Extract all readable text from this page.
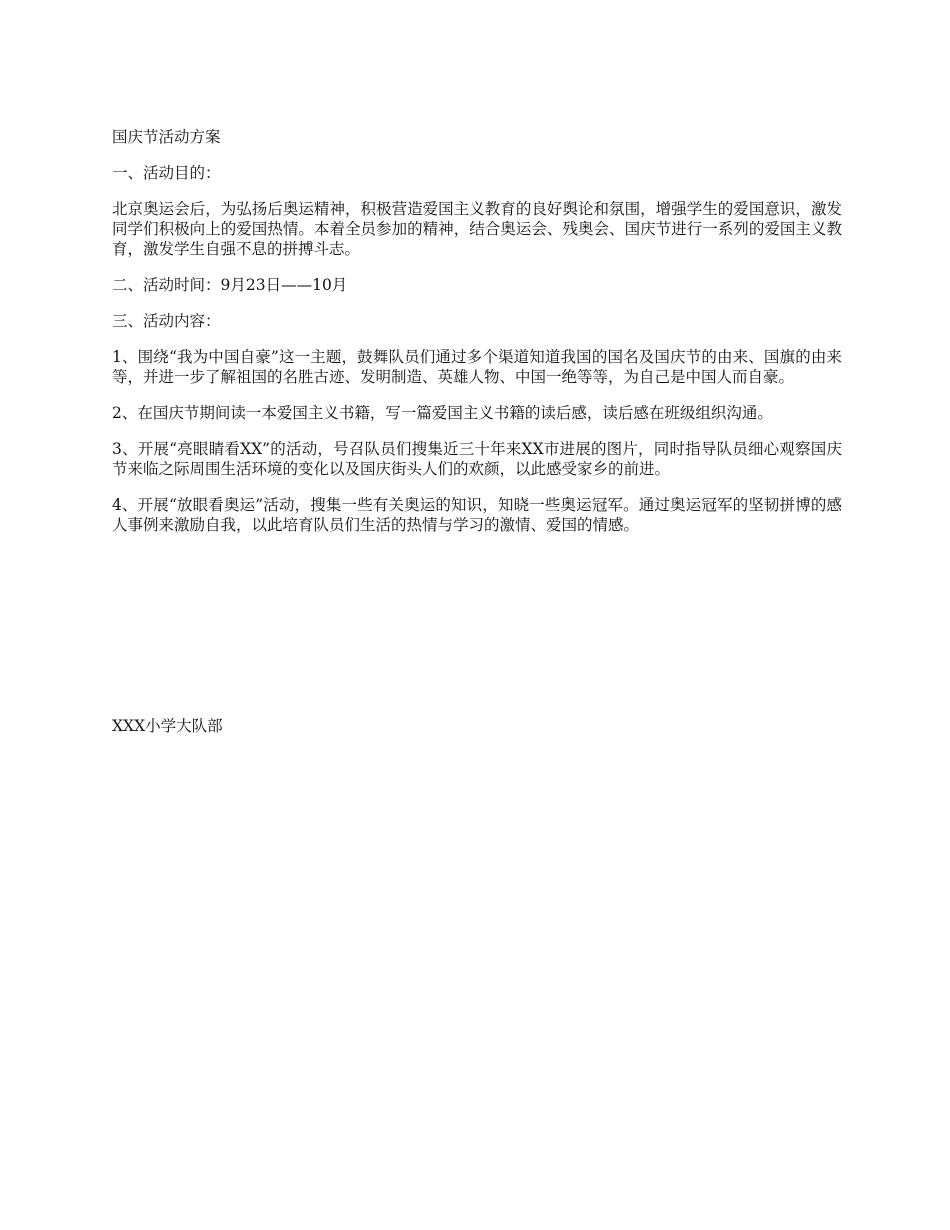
国庆节活动方案

一、活动目的：

北京奥运会后，为弘扬后奥运精神，积极营造爱国主义教育的良好舆论和氛围，增强学生的爱国意识，激发同学们积极向上的爱国热情。本着全员参加的精神，结合奥运会、残奥会、国庆节进行一系列的爱国主义教育，激发学生自强不息的拼搏斗志。

二、活动时间：9月23日——10月

三、活动内容：

1、围绕“我为中国自豪”这一主题，鼓舞队员们通过多个渠道知道我国的国名及国庆节的由来、国旗的由来等，并进一步了解祖国的名胜古迹、发明制造、英雄人物、中国一绝等等，为自己是中国人而自豪。

2、在国庆节期间读一本爱国主义书籍，写一篇爱国主义书籍的读后感，读后感在班级组织沟通。

3、开展“亮眼睛看XX”的活动，号召队员们搜集近三十年来XX市进展的图片，同时指导队员细心观察国庆节来临之际周围生活环境的变化以及国庆街头人们的欢颜，以此感受家乡的前进。

4、开展“放眼看奥运”活动，搜集一些有关奥运的知识，知晓一些奥运冠军。通过奥运冠军的坚韧拼博的感人事例来激励自我，以此培育队员们生活的热情与学习的激情、爱国的情感。

XXX小学大队部
